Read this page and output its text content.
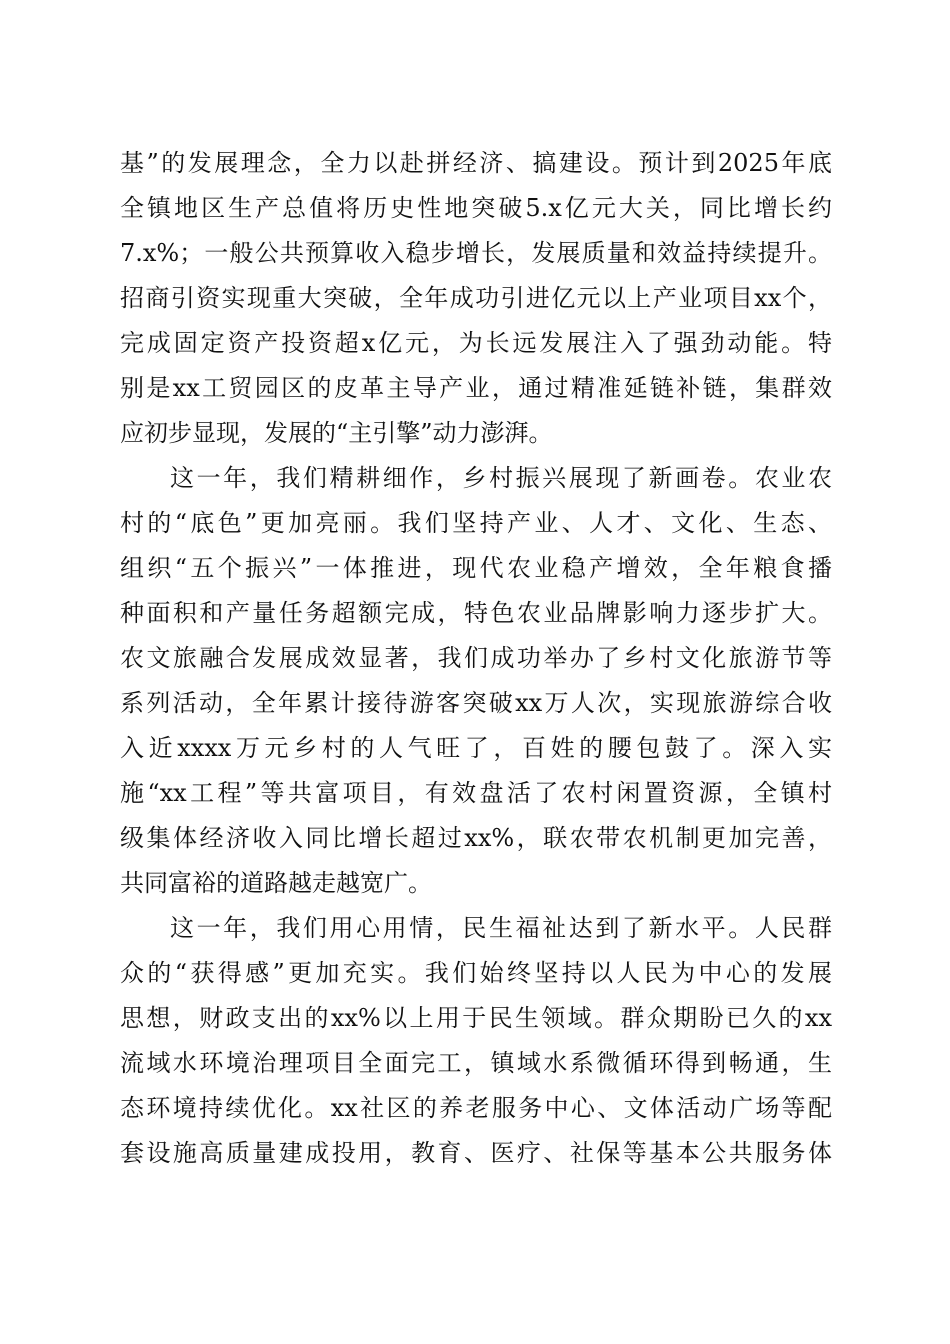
基”的发展理念，全力以赴拼经济、搞建设。预计到2025年底
全镇地区生产总值将历史性地突破5.x亿元大关，同比增长约
7.x%；一般公共预算收入稳步增长，发展质量和效益持续提升。
招商引资实现重大突破，全年成功引进亿元以上产业项目xx个，
完成固定资产投资超x亿元，为长远发展注入了强劲动能。特
别是xx工贸园区的皮革主导产业，通过精准延链补链，集群效
应初步显现，发展的“主引擎”动力澎湃。
这一年，我们精耕细作，乡村振兴展现了新画卷。农业农
村的“底色”更加亮丽。我们坚持产业、人才、文化、生态、
组织“五个振兴”一体推进，现代农业稳产增效，全年粮食播
种面积和产量任务超额完成，特色农业品牌影响力逐步扩大。
农文旅融合发展成效显著，我们成功举办了乡村文化旅游节等
系列活动，全年累计接待游客突破xx万人次，实现旅游综合收
入近xxxx万元乡村的人气旺了，百姓的腰包鼓了。深入实
施“xx工程”等共富项目，有效盘活了农村闲置资源，全镇村
级集体经济收入同比增长超过xx%，联农带农机制更加完善，
共同富裕的道路越走越宽广。
这一年，我们用心用情，民生福祉达到了新水平。人民群
众的“获得感”更加充实。我们始终坚持以人民为中心的发展
思想，财政支出的xx%以上用于民生领域。群众期盼已久的xx
流域水环境治理项目全面完工，镇域水系微循环得到畅通，生
态环境持续优化。xx社区的养老服务中心、文体活动广场等配
套设施高质量建成投用，教育、医疗、社保等基本公共服务体
